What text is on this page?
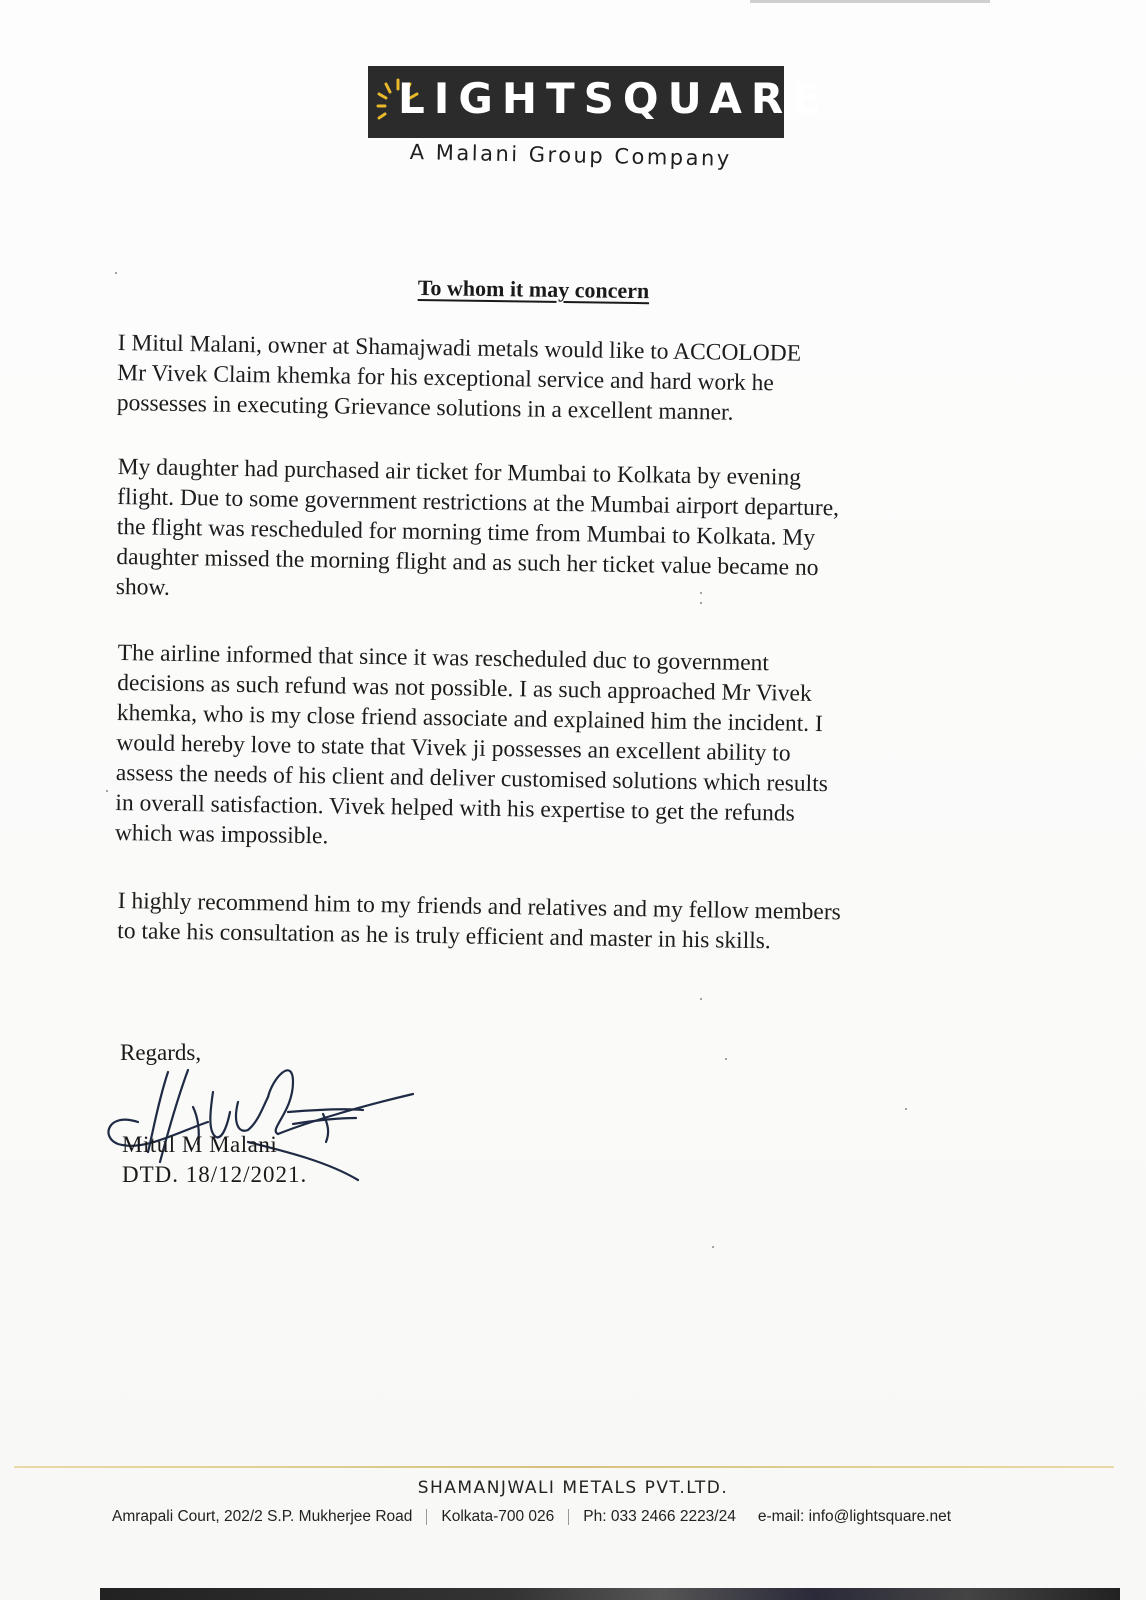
LIGHTSQUARE
A Malani Group Company
To whom it may concern
I Mitul Malani, owner at Shamajwadi metals would like to ACCOLODE
Mr Vivek Claim khemka for his exceptional service and hard work he
possesses in executing Grievance solutions in a excellent manner.
My daughter had purchased air ticket for Mumbai to Kolkata by evening
flight. Due to some government restrictions at the Mumbai airport departure,
the flight was rescheduled for morning time from Mumbai to Kolkata. My
daughter missed the morning flight and as such her ticket value became no
show.
The airline informed that since it was rescheduled duc to government
decisions as such refund was not possible. I as such approached Mr Vivek
khemka, who is my close friend associate and explained him the incident. I
would hereby love to state that Vivek ji possesses an excellent ability to
assess the needs of his client and deliver customised solutions which results
in overall satisfaction. Vivek helped with his expertise to get the refunds
which was impossible.
I highly recommend him to my friends and relatives and my fellow members
to take his consultation as he is truly efficient and master in his skills.
Regards,
Mitul M Malani
DTD. 18/12/2021.
SHAMANJWALI METALS PVT.LTD.
Amrapali Court, 202/2 S.P. Mukherjee Road Kolkata-700 026 Ph: 033 2466 2223/24 e-mail: info@lightsquare.net
